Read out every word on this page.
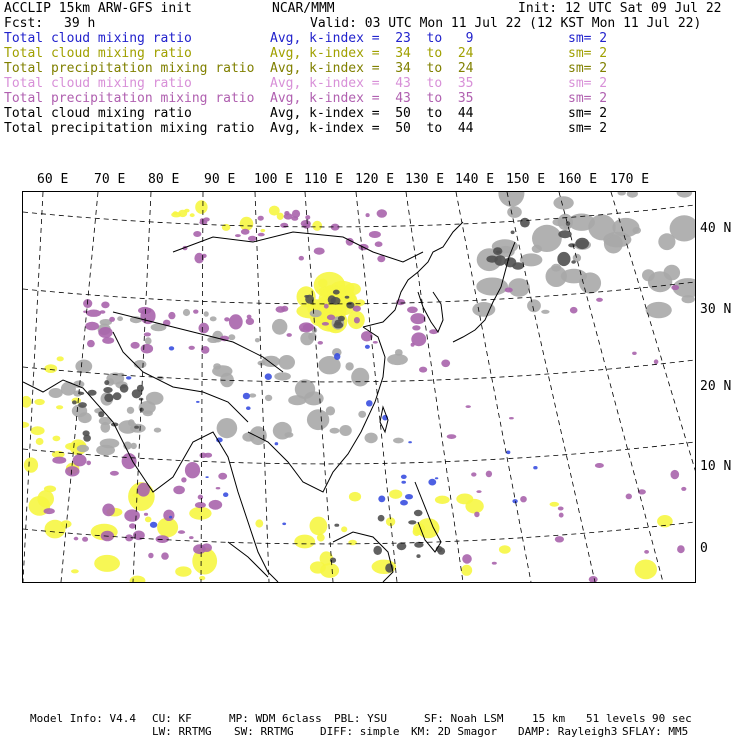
ACCLIP 15km ARW-GFS init	NCAR/MMM	Init: 12 UTC Sat 09 Jul 22
Fcst: 39 h	Valid: 03 UTC Mon 11 Jul 22 (12 KST Mon 11 Jul 22)
Total cloud mixing ratio	Avg, k-index =  23  to   9	sm= 2
Total cloud mixing ratio	Avg, k-index =  34  to  24	sm= 2
Total precipitation mixing ratio Avg, k-index =  34  to  24	sm= 2
Total cloud mixing ratio	Avg, k-index =  43  to  35	sm= 2
Total precipitation mixing ratio Avg, k-index =  43  to  35	sm= 2
Total cloud mixing ratio	Avg, k-index =  50  to  44	sm= 2
Total precipitation mixing ratio Avg, k-index =  50  to  44	sm= 2
60 E 70 E 80 E 90 E 100 E 110 E 120 E 130 E 140 E 150 E 160 E 170 E
40 N
30 N
20 N
10 N
0
Model Info: V4.4 CU: KF	MP: WDM 6class PBL: YSU	SF: Noah LSM	15 km 51 levels 90 sec
LW: RRTMG SW: RRTMG DIFF: simple KM: 2D Smagor DAMP: Rayleigh3 SFLAY: MM5
